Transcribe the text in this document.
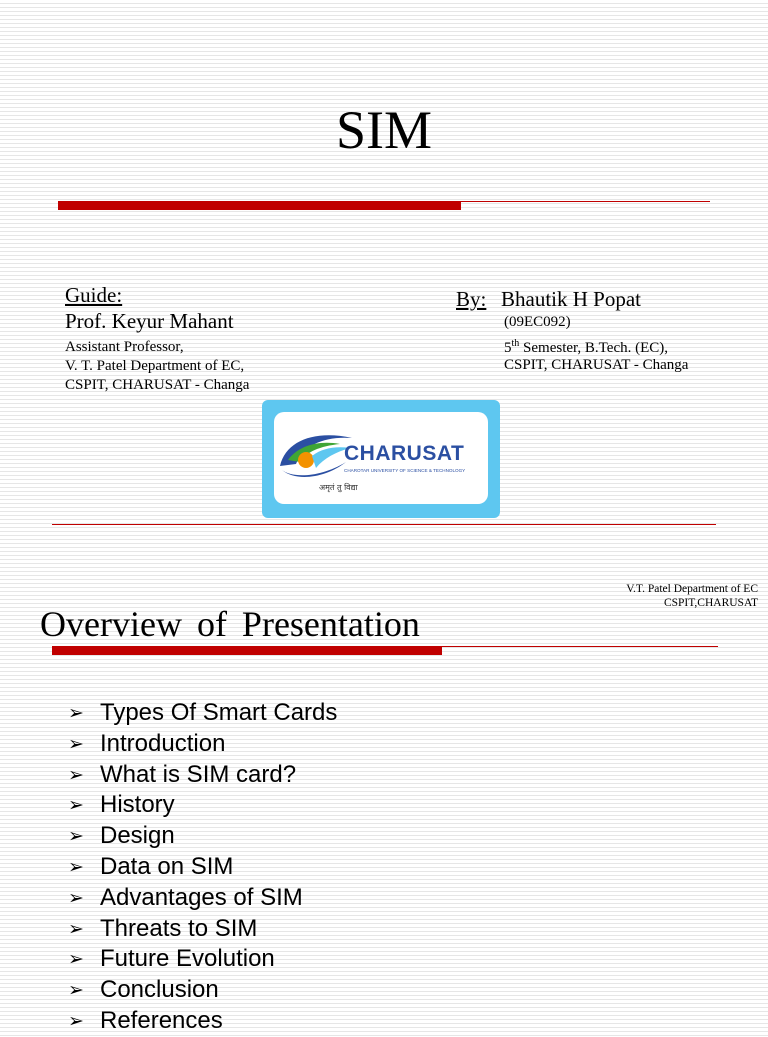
SIM
Guide:
Prof. Keyur Mahant
Assistant Professor,
V. T. Patel Department of EC,
CSPIT, CHARUSAT - Changa
By: Bhautik H Popat
(09EC092)
5th Semester, B.Tech. (EC),
CSPIT, CHARUSAT - Changa
CHARUSAT
CHAROTAR UNIVERSITY OF SCIENCE & TECHNOLOGY
अमृतं तु विद्या
V.T. Patel Department of EC
CSPIT,CHARUSAT
Overview of Presentation
➢ Types Of Smart Cards
➢ Introduction
➢ What is SIM card?
➢ History
➢ Design
➢ Data on SIM
➢ Advantages of SIM
➢ Threats to SIM
➢ Future Evolution
➢ Conclusion
➢ References
